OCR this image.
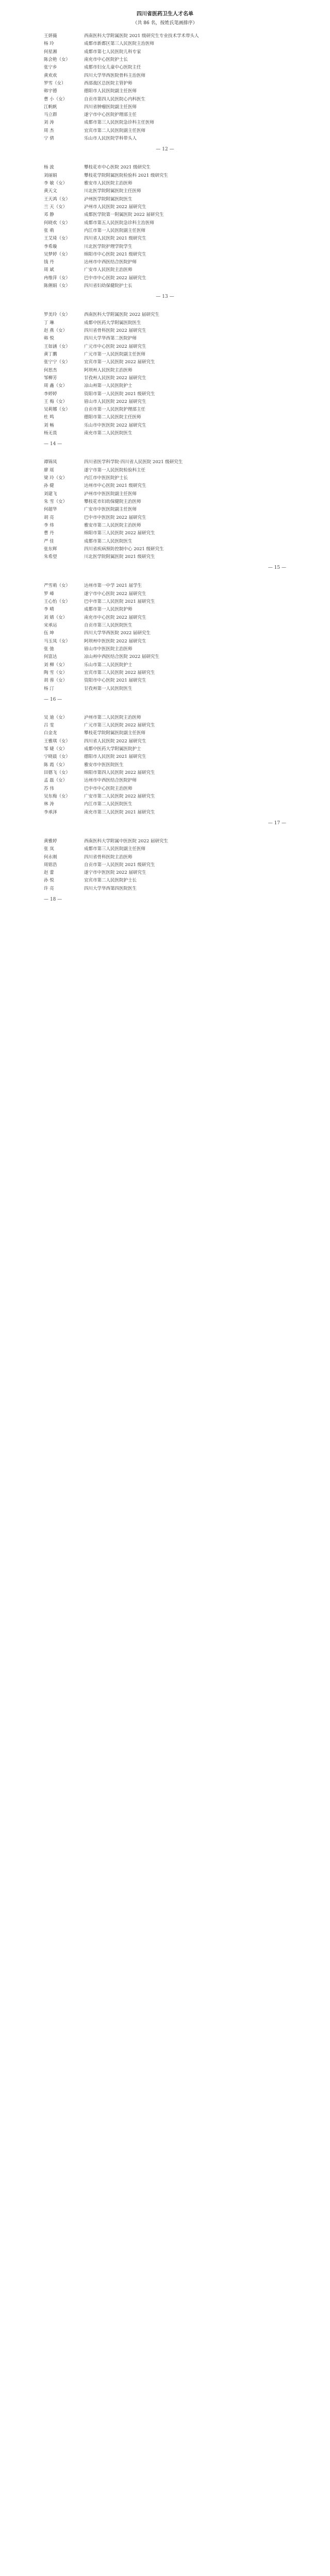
四川省医药卫生人才名单
（共 86 名，按姓氏笔画排序）
王妍薇	西南医科大学附属医院 2021 级研究生专业技术学术带头人
杨 玲	成都市新都区第三人民医院主治医师
何星湘	成都市第七人民医院儿科专家
陈会艳（女）	南充市中心医院护士长
张宁乡	成都市妇女儿童中心医院主任
黄欢欢	四川大学华西医院骨科主治医师
罗雪（女）	西部战区总医院主管护师
韩宇德	德阳市人民医院副主任医师
曹 小（女）	自贡市第四人民医院心内科医生
江帆帆	四川省肿瘤医院副主任医师
马立群	遂宁市中心医院护理部主任
刘 涛	成都市第三人民医院急诊科主任医师
周 杰	宜宾市第二人民医院副主任医师
宁 倩	乐山市人民医院学科带头人
— 12 —
杨 波	攀枝花市中心医院 2021 级研究生
刘丽娟	攀枝花学院附属医院检验科 2021 级研究生
李 敏（女）	雅安市人民医院主治医师
黄天文	川北医学院附属医院主任医师
王天鸿（女）	泸州医学院附属医院医生
兰 天（女）	泸州市人民医院 2022 届研究生
邓 静	成都医学院第一附属医院 2022 届研究生
何晓欢（女）	成都市第五人民医院急诊科主治医师
张 萌	内江市第一人民医院副主任医师
王艾琦（女）	四川省人民医院 2021 级研究生
李希璇	川北医学院护理学院学生
吴梦婷（女）	绵阳市中心医院 2021 级研究生
钱 丹	达州市中西医结合医院护师
周 斌	广安市人民医院主治医师
冉维萍（女）	巴中市中心医院 2022 届研究生
陈俐娟（女）	四川省妇幼保健院护士长
— 13 —
罗美玲（女）	西南医科大学附属医院 2022 届研究生
丁 琳	成都中医药大学附属医院医生
赵 燕（女）	四川省骨科医院 2022 届研究生
韩 悦	四川大学华西第二医院护师
王如涵（女）	广元市中心医院 2022 届研究生
黄丁鹏	广元市第一人民医院副主任医师
张宁宁（女）	宜宾市第一人民医院 2022 届研究生
何思杰	阿坝州人民医院主治医师
邹柳芳	甘孜州人民医院 2022 届研究生
周 鑫（女）	凉山州第一人民医院护士
李婷婷	资阳市第一人民医院 2021 级研究生
王 梅（女）	眉山市人民医院 2022 届研究生
吴莉娜（女）	自贡市第一人民医院护理部主任
杜 鸣	德阳市第二人民医院主任医师
刘 畅	乐山市中医医院 2022 届研究生
杨无畏	南充市第二人民医院医生
— 14 —
谭锦凤	四川省医学科学院·四川省人民医院 2021 级研究生
廖 瑶	遂宁市第一人民医院检验科主任
梁 玲（女）	内江市中医医院护士长
孙 健	达州市中心医院 2021 级研究生
刘建飞	泸州市中医医院副主任医师
朱 雪（女）	攀枝花市妇幼保健院主治医师
何超华	广安市中医医院副主任医师
胡 亮	巴中市中医医院 2022 届研究生
李 炜	雅安市第二人民医院主治医师
曹 丹	绵阳市第三人民医院 2022 届研究生
严 佳	成都市第二人民医院医生
张东辉	四川省疾病预防控制中心 2021 级研究生
朱希望	川北医学院附属医院 2021 级研究生
— 15 —
严雪萌（女）	达州市第一中学 2021 届学生
罗 峰	遂宁市中心医院 2022 届研究生
王心怡（女）	巴中市第二人民医院 2021 届研究生
李 晴	成都市第一人民医院护师
刘 婧（女）	南充市中心医院 2022 届研究生
宋承运	自贡市第三人民医院医生
伍 坤	四川大学华西医院 2022 届研究生
马玉凤（女）	阿坝州中医医院 2022 届研究生
张 弛	眉山市中医医院主治医师
何富达	凉山州中西医结合医院 2022 届研究生
刘 柳（女）	乐山市第二人民医院护士
陶 雪（女）	宜宾市第三人民医院 2022 届研究生
胡 蓉（女）	资阳市中心医院 2021 届研究生
杨 汀	甘孜州第一人民医院医生
— 16 —
吴 迪（女）	泸州市第二人民医院主治医师
吕 雯	广元市第三人民医院 2022 届研究生
白金龙	攀枝花学院附属医院副主任医师
王雅琪（女）	四川省人民医院 2022 届研究生
邹 婕（女）	成都中医药大学附属医院护士
宁晓晨（女）	德阳市人民医院 2021 届研究生
陈 霞（女）	雅安市中医医院医生
田德飞（女）	绵阳市第四人民医院 2022 届研究生
孟 磊（女）	达州市中西医结合医院护师
苏 伟	巴中市中心医院主治医师
吴东梅（女）	广安市第二人民医院 2022 届研究生
林 涛	内江市第二人民医院医生
李承泽	南充市第三人民医院 2021 届研究生
— 17 —
黄雅婷	西南医科大学附属中医医院 2022 届研究生
张 岚	成都市第三人民医院副主任医师
何永刚	四川省骨科医院主治医师
周铭浩	自贡市第一人民医院 2021 级研究生
赵 蕾	遂宁市中医医院 2022 届研究生
孙 悦	宜宾市第二人民医院护士长
许 亮	四川大学华西第四医院医生
— 18 —
